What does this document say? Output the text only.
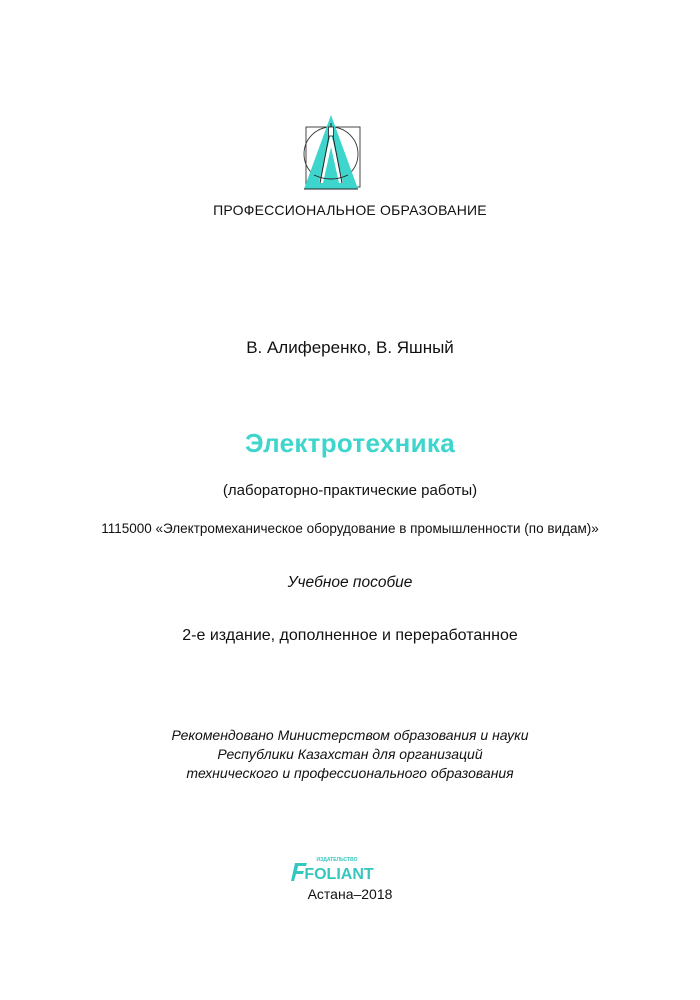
ПРОФЕССИОНАЛЬНОЕ ОБРАЗОВАНИЕ

В. Алиференко, В. Яшный

Электротехника

(лабораторно-практические работы)

1115000 «Электромеханическое оборудование в промышленности (по видам)»

Учебное пособие

2-е издание, дополненное и переработанное

Рекомендовано Министерством образования и науки
Республики Казахстан для организаций
технического и профессионального образования

ИЗДАТЕЛЬСТВО
FOLIANT

Астана–2018
